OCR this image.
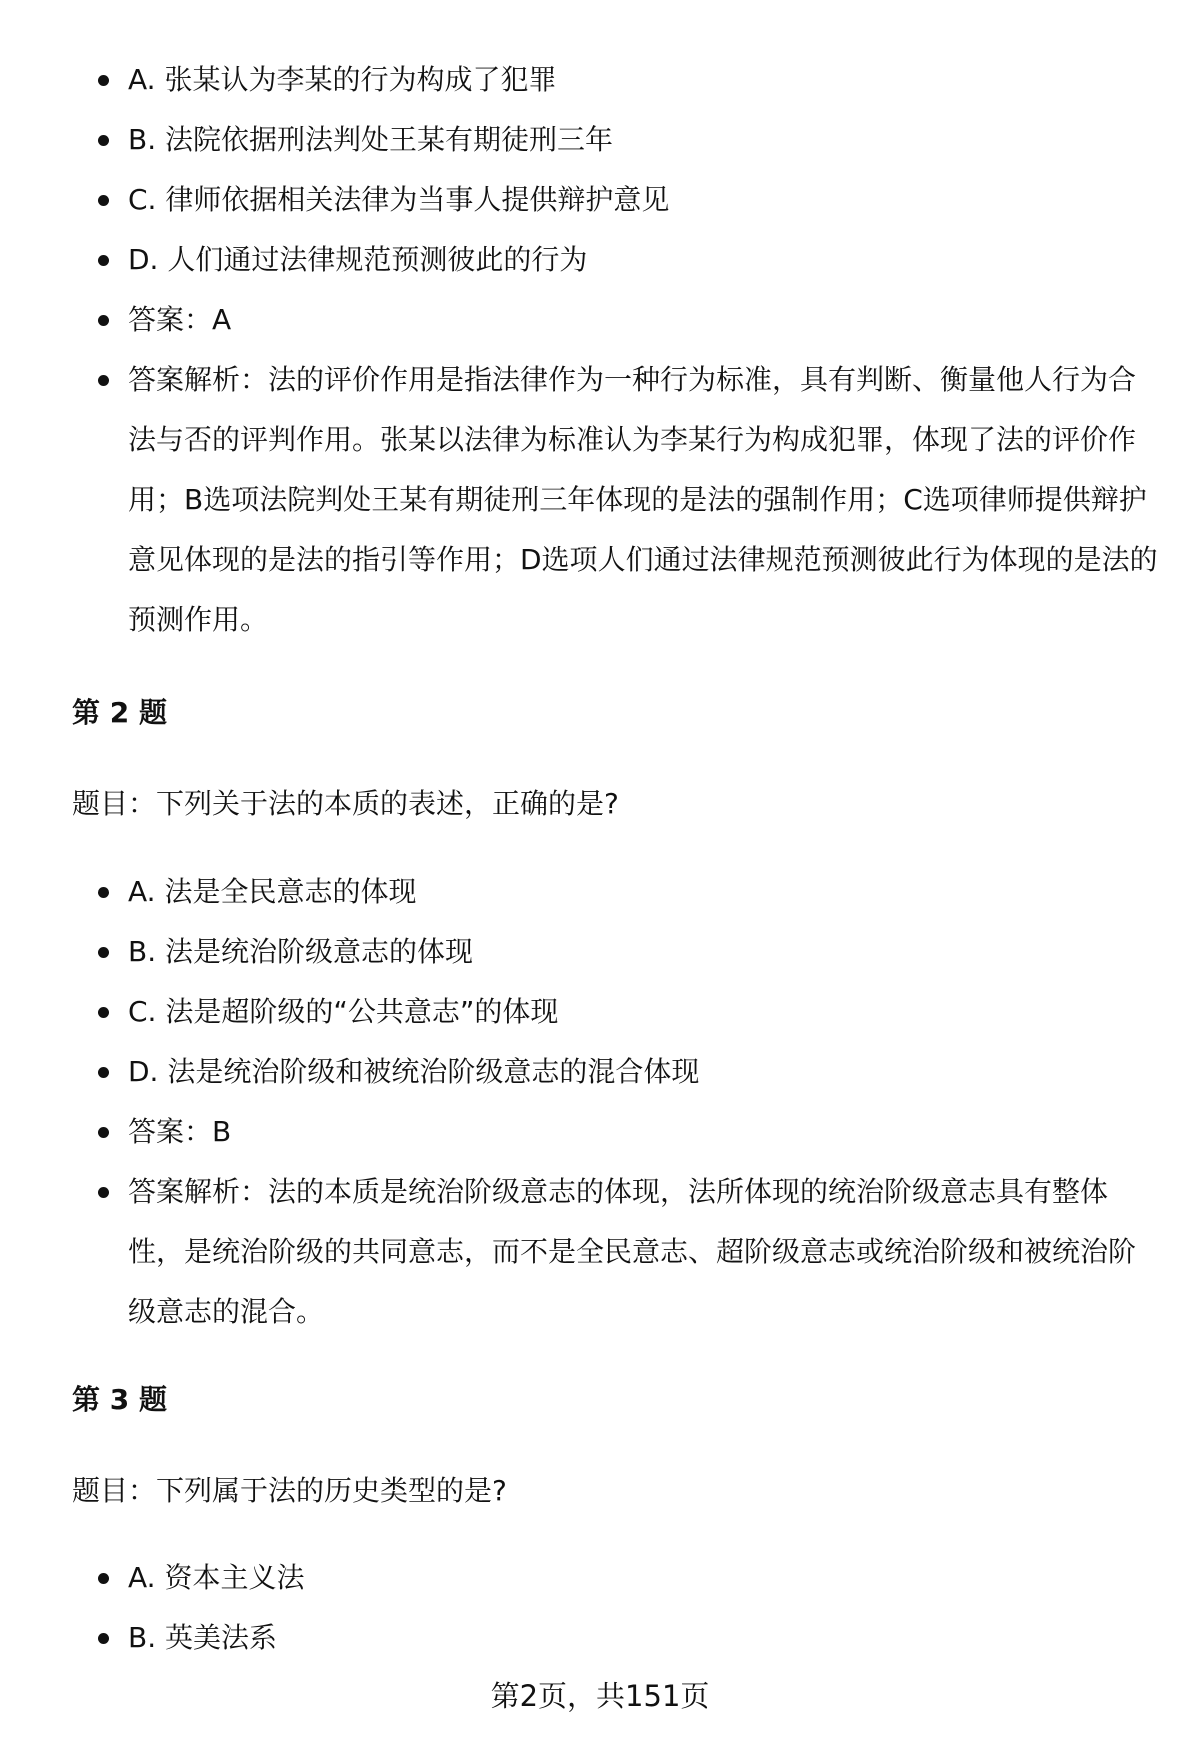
A. 张某认为李某的行为构成了犯罪
B. 法院依据刑法判处王某有期徒刑三年
C. 律师依据相关法律为当事人提供辩护意见
D. 人们通过法律规范预测彼此的行为
答案：A
答案解析：法的评价作用是指法律作为一种行为标准，具有判断、衡量他人行为合法与否的评判作用。张某以法律为标准认为李某行为构成犯罪，体现了法的评价作用；B选项法院判处王某有期徒刑三年体现的是法的强制作用；C选项律师提供辩护意见体现的是法的指引等作用；D选项人们通过法律规范预测彼此行为体现的是法的预测作用。
第 2 题
题目：下列关于法的本质的表述，正确的是?
A. 法是全民意志的体现
B. 法是统治阶级意志的体现
C. 法是超阶级的“公共意志”的体现
D. 法是统治阶级和被统治阶级意志的混合体现
答案：B
答案解析：法的本质是统治阶级意志的体现，法所体现的统治阶级意志具有整体性，是统治阶级的共同意志，而不是全民意志、超阶级意志或统治阶级和被统治阶级意志的混合。
第 3 题
题目：下列属于法的历史类型的是?
A. 资本主义法
B. 英美法系
第2页，共151页
